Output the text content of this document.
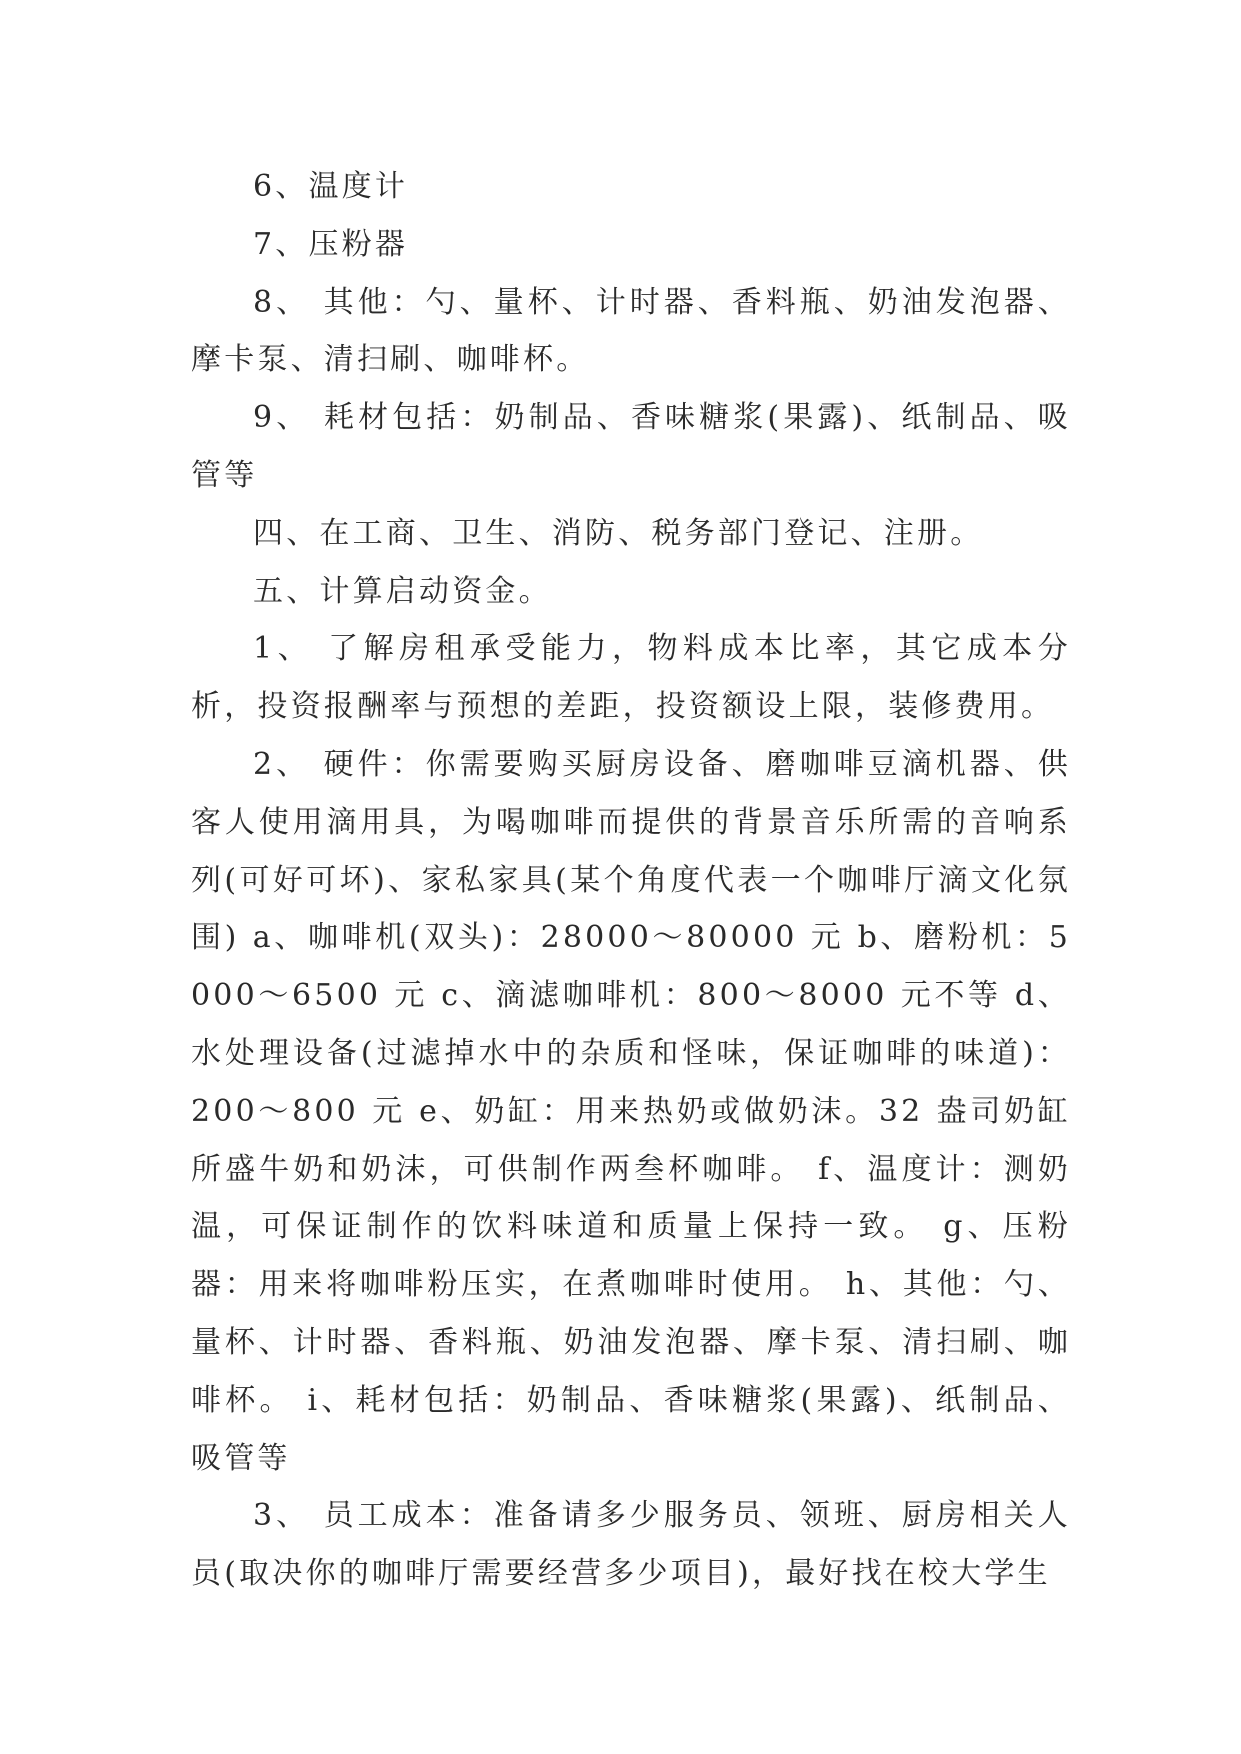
6、温度计

7、压粉器

8、 其他：勺、量杯、计时器、香料瓶、奶油发泡器、摩卡泵、清扫刷、咖啡杯。

9、 耗材包括：奶制品、香味糖浆(果露)、纸制品、吸管等

四、在工商、卫生、消防、税务部门登记、注册。

五、计算启动资金。

1、 了解房租承受能力，物料成本比率，其它成本分析，投资报酬率与预想的差距，投资额设上限，装修费用。

2、 硬件：你需要购买厨房设备、磨咖啡豆滴机器、供客人使用滴用具，为喝咖啡而提供的背景音乐所需的音响系列(可好可坏)、家私家具(某个角度代表一个咖啡厅滴文化氛围) a、咖啡机(双头)：28000～80000 元 b、磨粉机：5000～6500 元 c、滴滤咖啡机：800～8000 元不等 d、水处理设备(过滤掉水中的杂质和怪味，保证咖啡的味道)：200～800 元 e、奶缸：用来热奶或做奶沫。32 盎司奶缸所盛牛奶和奶沫，可供制作两叁杯咖啡。 f、温度计：测奶温，可保证制作的饮料味道和质量上保持一致。 g、压粉器：用来将咖啡粉压实，在煮咖啡时使用。 h、其他：勺、量杯、计时器、香料瓶、奶油发泡器、摩卡泵、清扫刷、咖啡杯。 i、耗材包括：奶制品、香味糖浆(果露)、纸制品、吸管等

3、 员工成本：准备请多少服务员、领班、厨房相关人员(取决你的咖啡厅需要经营多少项目)，最好找在校大学生
